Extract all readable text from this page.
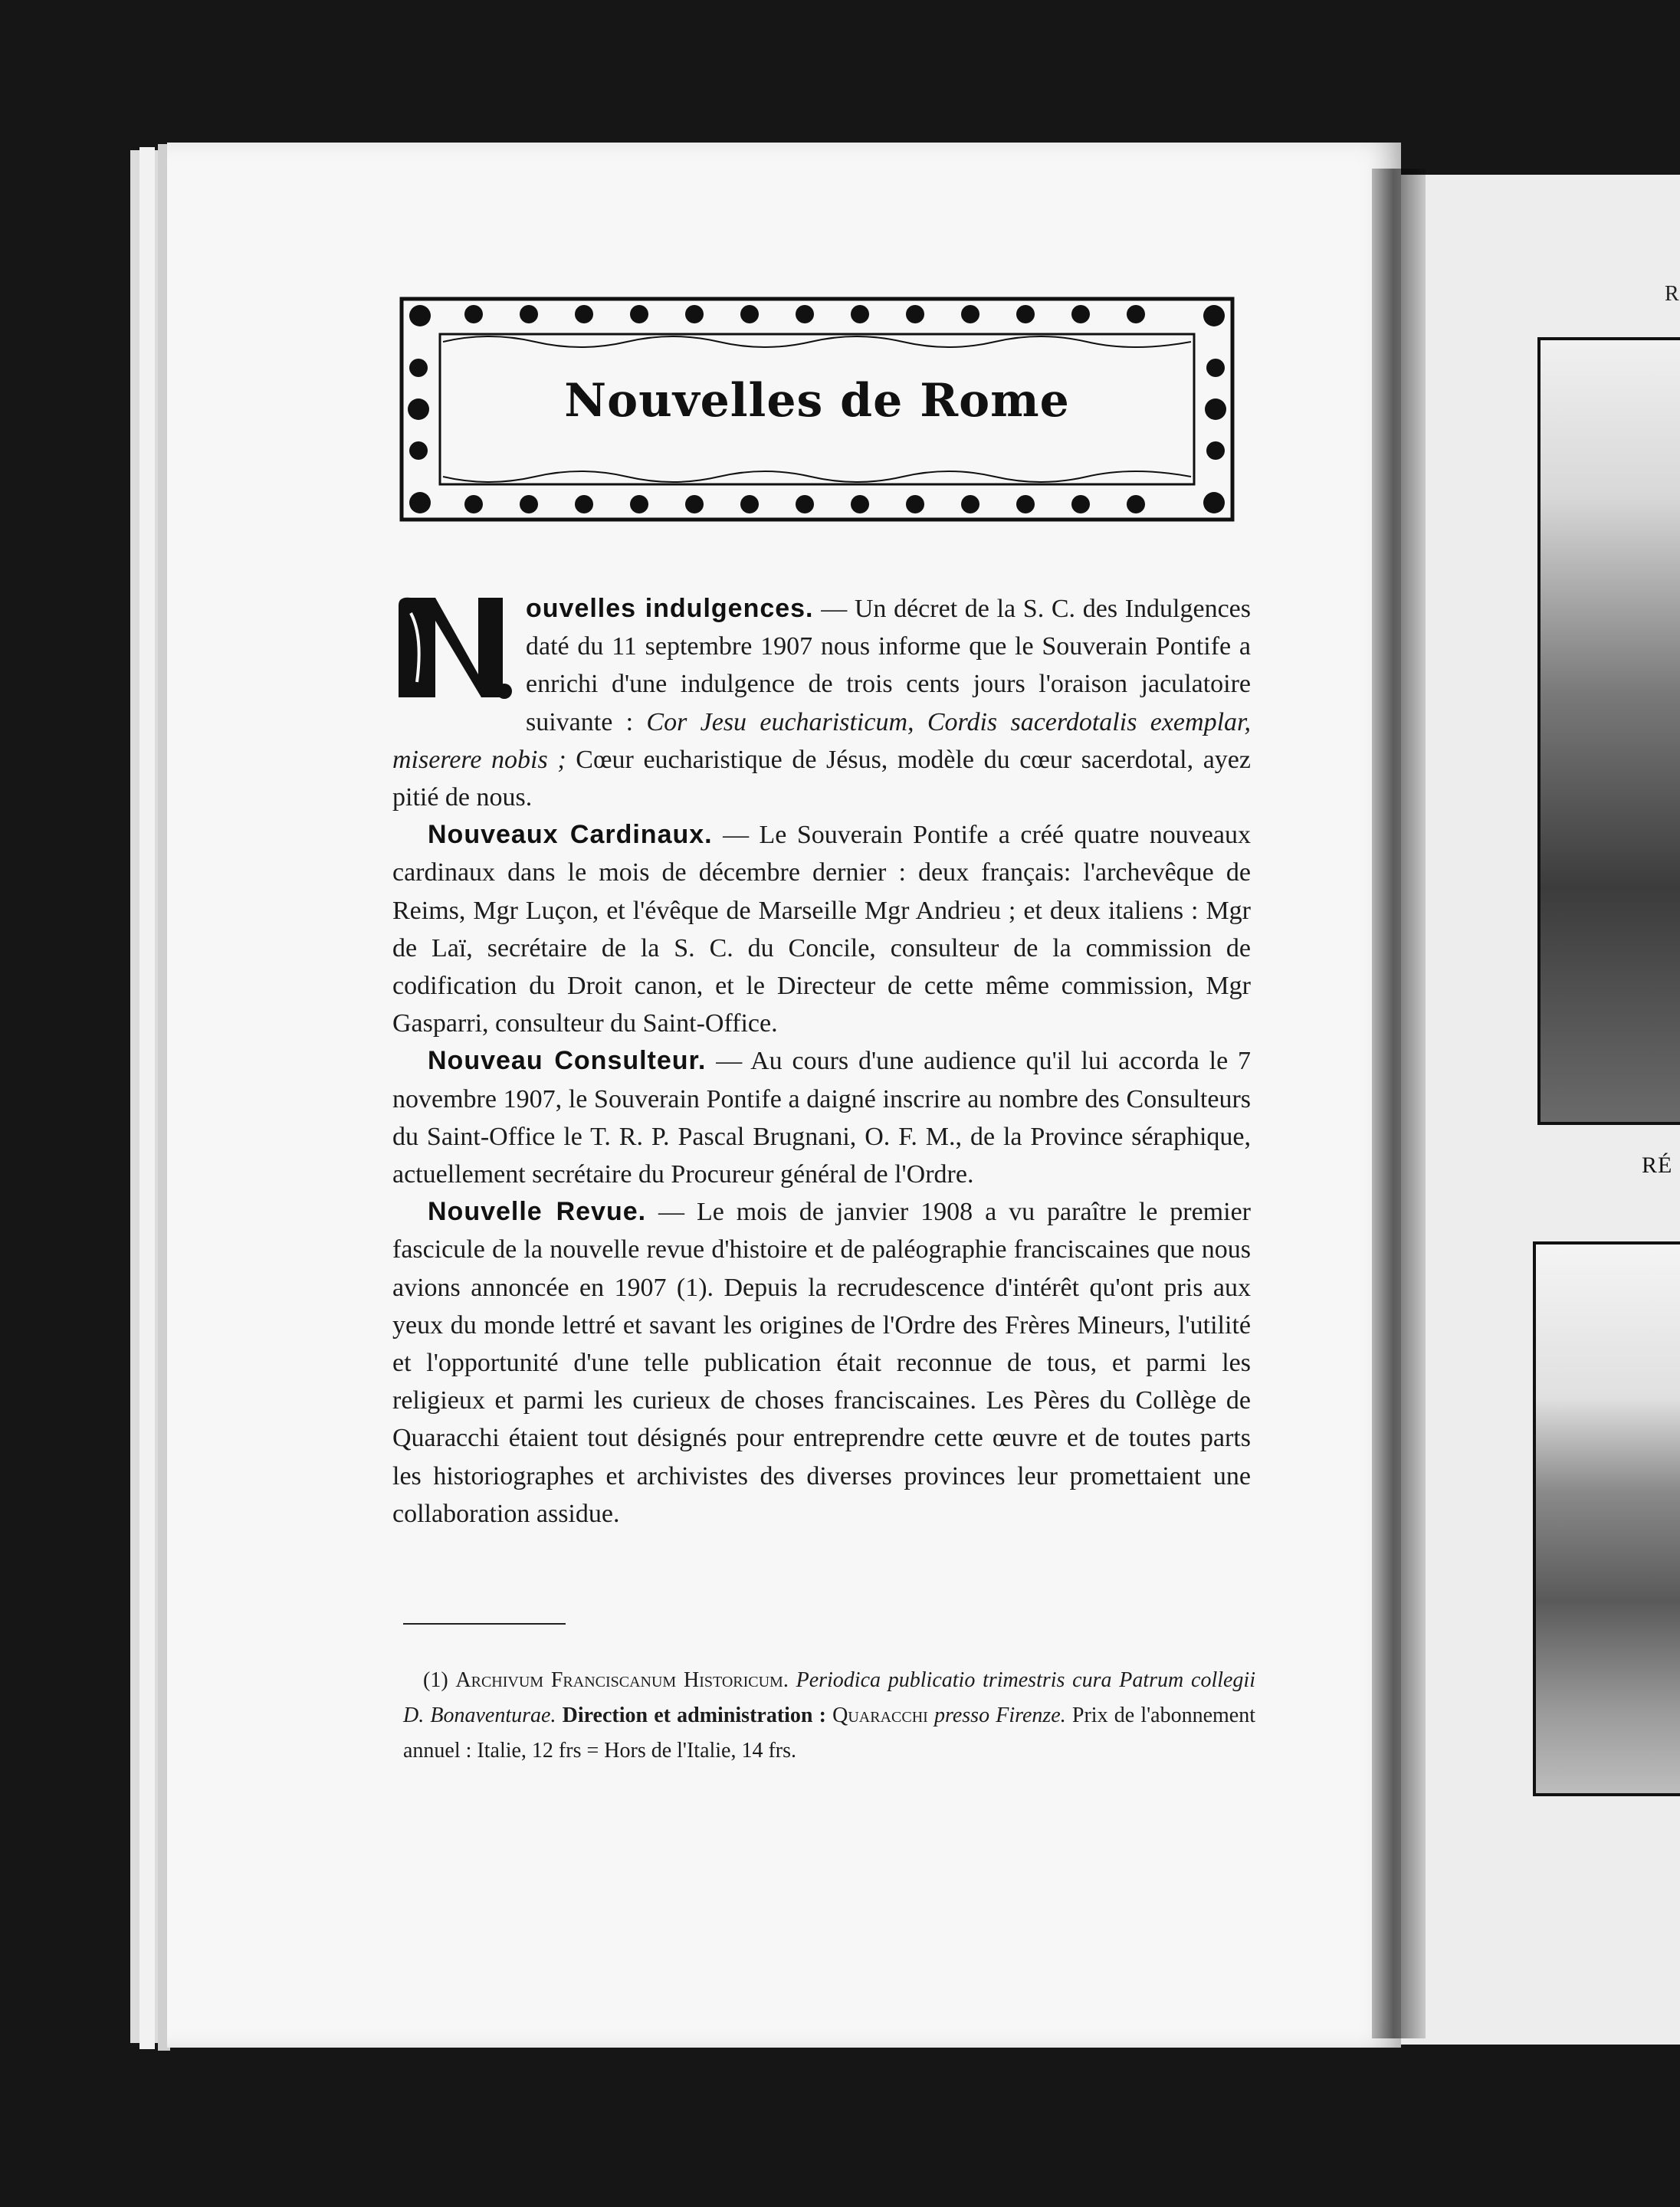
R
RÉ
Nouvelles de Rome

ouvelles indulgences. — Un décret de la S. C. des Indulgences daté du 11 septembre 1907 nous informe que le Souverain Pontife a enrichi d'une indulgence de trois cents jours l'oraison jaculatoire suivante : Cor Jesu eucharisticum, Cordis sacerdotalis exemplar, miserere nobis ; Cœur eucharistique de Jésus, modèle du cœur sacerdotal, ayez pitié de nous.

Nouveaux Cardinaux. — Le Souverain Pontife a créé quatre nouveaux cardinaux dans le mois de décembre dernier : deux français: l'archevêque de Reims, Mgr Luçon, et l'évêque de Marseille Mgr Andrieu ; et deux italiens : Mgr de Laï, secrétaire de la S. C. du Concile, consulteur de la commission de codification du Droit canon, et le Directeur de cette même commission, Mgr Gasparri, consulteur du Saint-Office.

Nouveau Consulteur. — Au cours d'une audience qu'il lui accorda le 7 novembre 1907, le Souverain Pontife a daigné inscrire au nombre des Consulteurs du Saint-Office le T. R. P. Pascal Brugnani, O. F. M., de la Province séraphique, actuellement secrétaire du Procureur général de l'Ordre.

Nouvelle Revue. — Le mois de janvier 1908 a vu paraître le premier fascicule de la nouvelle revue d'histoire et de paléographie franciscaines que nous avions annoncée en 1907 (1). Depuis la recrudescence d'intérêt qu'ont pris aux yeux du monde lettré et savant les origines de l'Ordre des Frères Mineurs, l'utilité et l'opportunité d'une telle publication était reconnue de tous, et parmi les religieux et parmi les curieux de choses franciscaines. Les Pères du Collège de Quaracchi étaient tout désignés pour entreprendre cette œuvre et de toutes parts les historiographes et archivistes des diverses provinces leur promettaient une collaboration assidue.

(1) Archivum Franciscanum Historicum. Periodica publicatio trimestris cura Patrum collegii D. Bonaventurae. Direction et administration : Quaracchi presso Firenze. Prix de l'abonnement annuel : Italie, 12 frs = Hors de l'Italie, 14 frs.
